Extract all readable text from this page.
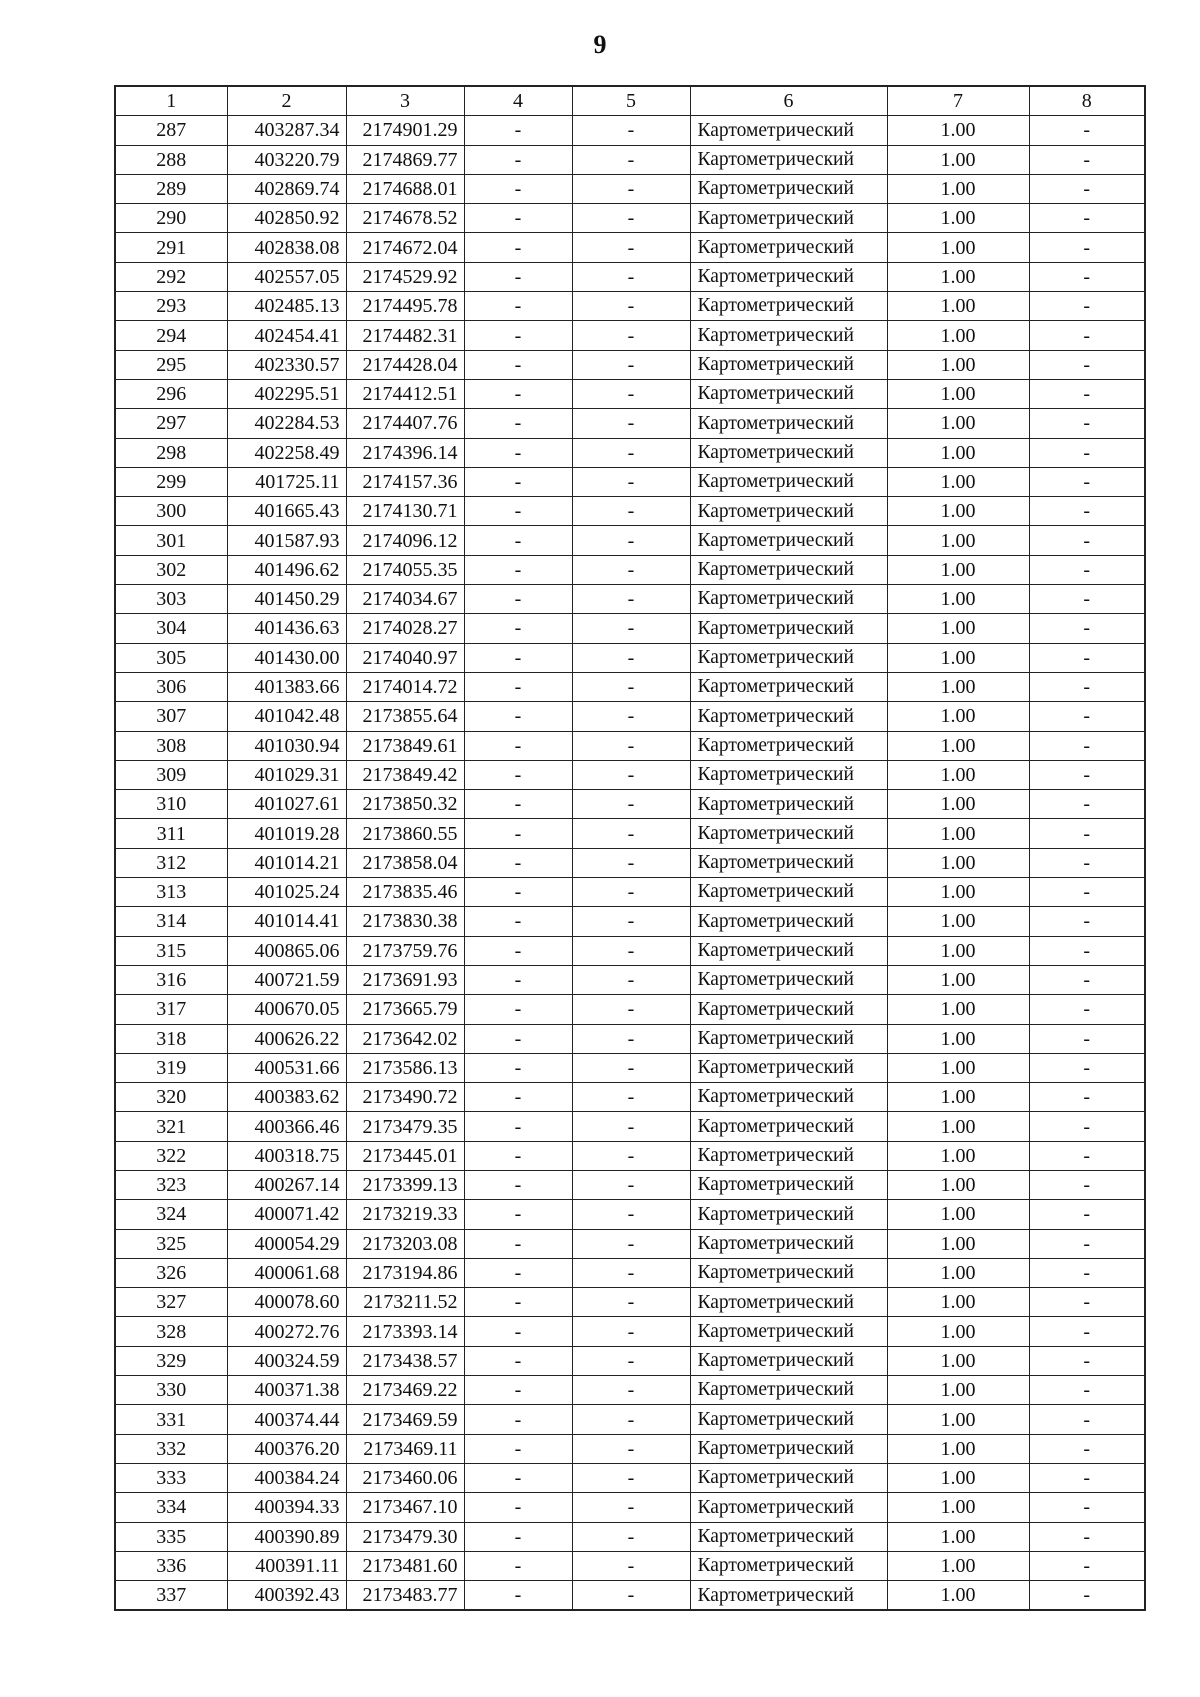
9
1	2	3	4	5	6	7	8
287	403287.34	2174901.29	-	-	Картометрический	1.00	-
288	403220.79	2174869.77	-	-	Картометрический	1.00	-
289	402869.74	2174688.01	-	-	Картометрический	1.00	-
290	402850.92	2174678.52	-	-	Картометрический	1.00	-
291	402838.08	2174672.04	-	-	Картометрический	1.00	-
292	402557.05	2174529.92	-	-	Картометрический	1.00	-
293	402485.13	2174495.78	-	-	Картометрический	1.00	-
294	402454.41	2174482.31	-	-	Картометрический	1.00	-
295	402330.57	2174428.04	-	-	Картометрический	1.00	-
296	402295.51	2174412.51	-	-	Картометрический	1.00	-
297	402284.53	2174407.76	-	-	Картометрический	1.00	-
298	402258.49	2174396.14	-	-	Картометрический	1.00	-
299	401725.11	2174157.36	-	-	Картометрический	1.00	-
300	401665.43	2174130.71	-	-	Картометрический	1.00	-
301	401587.93	2174096.12	-	-	Картометрический	1.00	-
302	401496.62	2174055.35	-	-	Картометрический	1.00	-
303	401450.29	2174034.67	-	-	Картометрический	1.00	-
304	401436.63	2174028.27	-	-	Картометрический	1.00	-
305	401430.00	2174040.97	-	-	Картометрический	1.00	-
306	401383.66	2174014.72	-	-	Картометрический	1.00	-
307	401042.48	2173855.64	-	-	Картометрический	1.00	-
308	401030.94	2173849.61	-	-	Картометрический	1.00	-
309	401029.31	2173849.42	-	-	Картометрический	1.00	-
310	401027.61	2173850.32	-	-	Картометрический	1.00	-
311	401019.28	2173860.55	-	-	Картометрический	1.00	-
312	401014.21	2173858.04	-	-	Картометрический	1.00	-
313	401025.24	2173835.46	-	-	Картометрический	1.00	-
314	401014.41	2173830.38	-	-	Картометрический	1.00	-
315	400865.06	2173759.76	-	-	Картометрический	1.00	-
316	400721.59	2173691.93	-	-	Картометрический	1.00	-
317	400670.05	2173665.79	-	-	Картометрический	1.00	-
318	400626.22	2173642.02	-	-	Картометрический	1.00	-
319	400531.66	2173586.13	-	-	Картометрический	1.00	-
320	400383.62	2173490.72	-	-	Картометрический	1.00	-
321	400366.46	2173479.35	-	-	Картометрический	1.00	-
322	400318.75	2173445.01	-	-	Картометрический	1.00	-
323	400267.14	2173399.13	-	-	Картометрический	1.00	-
324	400071.42	2173219.33	-	-	Картометрический	1.00	-
325	400054.29	2173203.08	-	-	Картометрический	1.00	-
326	400061.68	2173194.86	-	-	Картометрический	1.00	-
327	400078.60	2173211.52	-	-	Картометрический	1.00	-
328	400272.76	2173393.14	-	-	Картометрический	1.00	-
329	400324.59	2173438.57	-	-	Картометрический	1.00	-
330	400371.38	2173469.22	-	-	Картометрический	1.00	-
331	400374.44	2173469.59	-	-	Картометрический	1.00	-
332	400376.20	2173469.11	-	-	Картометрический	1.00	-
333	400384.24	2173460.06	-	-	Картометрический	1.00	-
334	400394.33	2173467.10	-	-	Картометрический	1.00	-
335	400390.89	2173479.30	-	-	Картометрический	1.00	-
336	400391.11	2173481.60	-	-	Картометрический	1.00	-
337	400392.43	2173483.77	-	-	Картометрический	1.00	-
